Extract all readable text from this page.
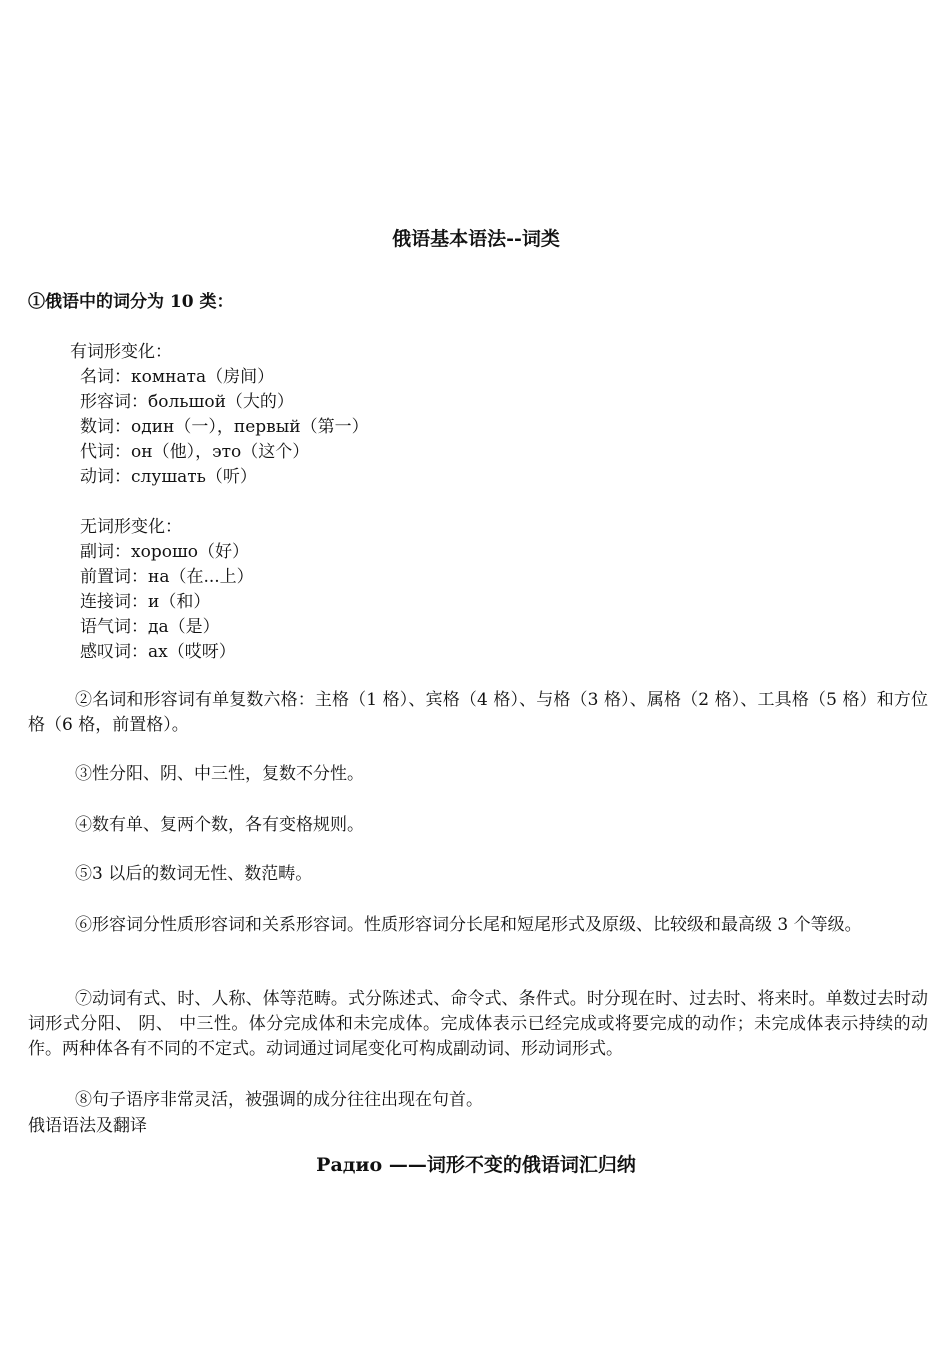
俄语基本语法--词类
①俄语中的词分为 10 类：
有词形变化：
名词：комната（房间）
形容词：большой（大的）
数词：один（一），первый（第一）
代词：он（他），это（这个）
动词：слушать（听）
无词形变化：
副词：хорошо（好）
前置词：на（在...上）
连接词：и（和）
语气词：да（是）
感叹词：ах（哎呀）
②名词和形容词有单复数六格：主格（1 格）、宾格（4 格）、与格（3 格）、属格（2 格）、工具格（5 格）和方位格（6 格，前置格）。
③性分阳、阴、中三性，复数不分性。
④数有单、复两个数，各有变格规则。
⑤3 以后的数词无性、数范畴。
⑥形容词分性质形容词和关系形容词。性质形容词分长尾和短尾形式及原级、比较级和最高级 3 个等级。
⑦动词有式、时、人称、体等范畴。式分陈述式、命令式、条件式。时分现在时、过去时、将来时。单数过去时动词形式分阳、 阴、 中三性。体分完成体和未完成体。完成体表示已经完成或将要完成的动作；未完成体表示持续的动作。两种体各有不同的不定式。动词通过词尾变化可构成副动词、形动词形式。
⑧句子语序非常灵活，被强调的成分往往出现在句首。
俄语语法及翻译
Радио ——词形不变的俄语词汇归纳
